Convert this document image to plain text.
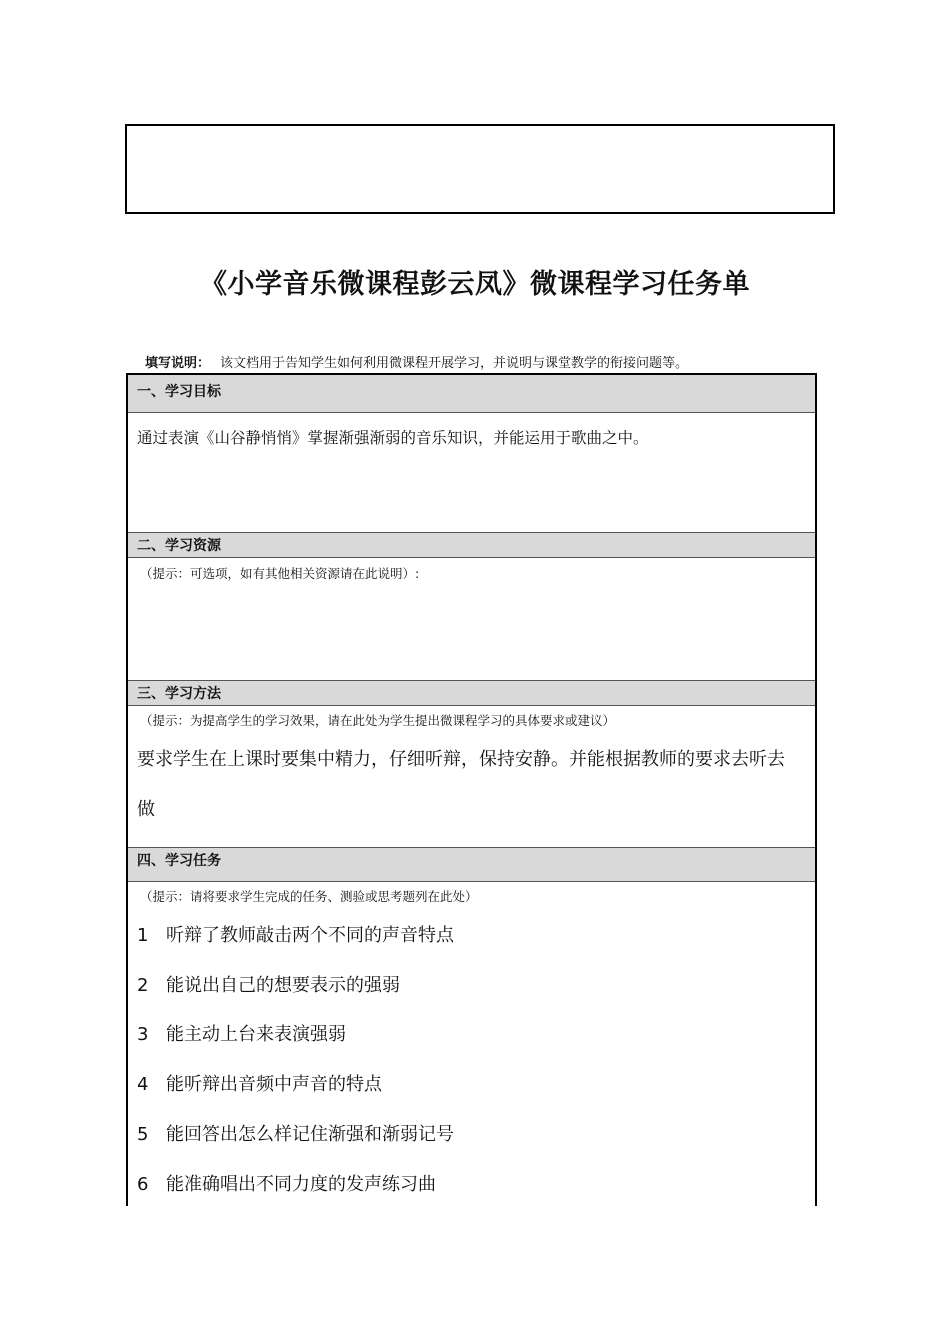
《小学音乐微课程彭云凤》微课程学习任务单
填写说明： 该文档用于告知学生如何利用微课程开展学习，并说明与课堂教学的衔接问题等。
一、学习目标
通过表演《山谷静悄悄》掌握渐强渐弱的音乐知识，并能运用于歌曲之中。
二、学习资源
（提示：可选项，如有其他相关资源请在此说明）:
三、学习方法
（提示：为提高学生的学习效果，请在此处为学生提出微课程学习的具体要求或建议）
要求学生在上课时要集中精力，仔细听辩，保持安静。并能根据教师的要求去听去
做
四、学习任务
（提示：请将要求学生完成的任务、测验或思考题列在此处）
1 听辩了教师敲击两个不同的声音特点
2 能说出自己的想要表示的强弱
3 能主动上台来表演强弱
4 能听辩出音频中声音的特点
5 能回答出怎么样记住渐强和渐弱记号
6 能准确唱出不同力度的发声练习曲
